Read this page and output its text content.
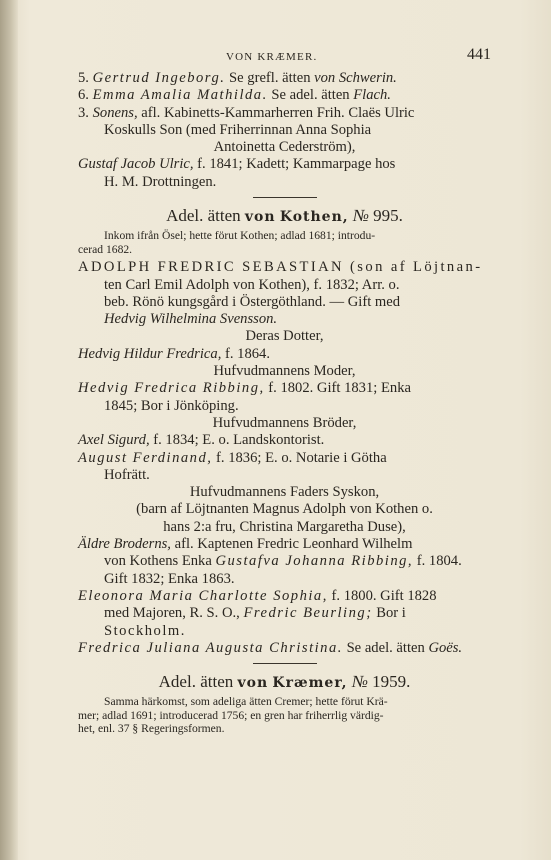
VON KRÆMER.	441
5. Gertrud Ingeborg. Se grefl. ätten von Schwerin.
6. Emma Amalia Mathilda. Se adel. ätten Flach.
3. Sonens, afl. Kabinetts-Kammarherren Frih. Claës Ulric
Koskulls Son (med Friherrinnan Anna Sophia
Antoinetta Cederström),
Gustaf Jacob Ulric, f. 1841; Kadett; Kammarpage hos
H. M. Drottningen.
Adel. ätten von Kothen, № 995.
Inkom ifrån Ösel; hette förut Kothen; adlad 1681; introdu-
cerad 1682.
ADOLPH FREDRIC SEBASTIAN (son af Löjtnan-
ten Carl Emil Adolph von Kothen), f. 1832; Arr. o.
beb. Rönö kungsgård i Östergöthland. — Gift med
Hedvig Wilhelmina Svensson.
Deras Dotter,
Hedvig Hildur Fredrica, f. 1864.
Hufvudmannens Moder,
Hedvig Fredrica Ribbing, f. 1802. Gift 1831; Enka
1845; Bor i Jönköping.
Hufvudmannens Bröder,
Axel Sigurd, f. 1834; E. o. Landskontorist.
August Ferdinand, f. 1836; E. o. Notarie i Götha
Hofrätt.
Hufvudmannens Faders Syskon,
(barn af Löjtnanten Magnus Adolph von Kothen o.
hans 2:a fru, Christina Margaretha Duse),
Äldre Broderns, afl. Kaptenen Fredric Leonhard Wilhelm
von Kothens Enka Gustafva Johanna Ribbing, f. 1804.
Gift 1832; Enka 1863.
Eleonora Maria Charlotte Sophia, f. 1800. Gift 1828
med Majoren, R. S. O., Fredric Beurling; Bor i
Stockholm.
Fredrica Juliana Augusta Christina. Se adel. ätten Goës.
Adel. ätten von Kræmer, № 1959.
Samma härkomst, som adeliga ätten Cremer; hette förut Krä-
mer; adlad 1691; introducerad 1756; en gren har friherrlig värdig-
het, enl. 37 § Regeringsformen.
